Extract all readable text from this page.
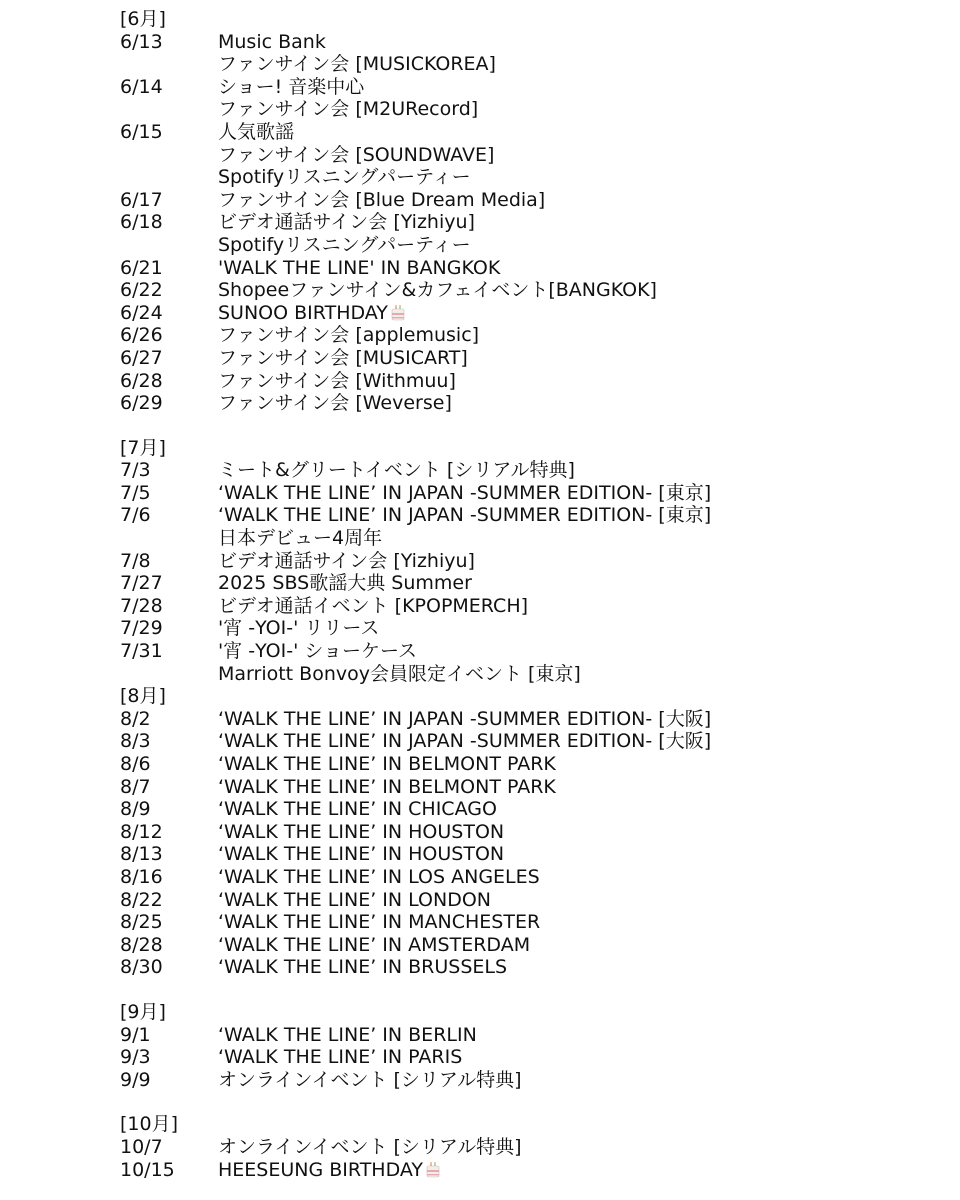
[6月]
6/13	Music Bank
ファンサイン会 [MUSICKOREA]
6/14	ショー! 音楽中心
ファンサイン会 [M2URecord]
6/15	人気歌謡
ファンサイン会 [SOUNDWAVE]
Spotifyリスニングパーティー
6/17	ファンサイン会 [Blue Dream Media]
6/18	ビデオ通話サイン会 [Yizhiyu]
Spotifyリスニングパーティー
6/21	'WALK THE LINE' IN BANGKOK
6/22	Shopeeファンサイン&カフェイベント[BANGKOK]
6/24	SUNOO BIRTHDAY
6/26	ファンサイン会 [applemusic]
6/27	ファンサイン会 [MUSICART]
6/28	ファンサイン会 [Withmuu]
6/29	ファンサイン会 [Weverse]
[7月]
7/3	ミート&グリートイベント [シリアル特典]
7/5	‘WALK THE LINE’ IN JAPAN -SUMMER EDITION- [東京]
7/6	‘WALK THE LINE’ IN JAPAN -SUMMER EDITION- [東京]
日本デビュー4周年
7/8	ビデオ通話サイン会 [Yizhiyu]
7/27	2025 SBS歌謡大典 Summer
7/28	ビデオ通話イベント [KPOPMERCH]
7/29	'宵 -YOI-' リリース
7/31	'宵 -YOI-' ショーケース
Marriott Bonvoy会員限定イベント [東京]
[8月]
8/2	‘WALK THE LINE’ IN JAPAN -SUMMER EDITION- [大阪]
8/3	‘WALK THE LINE’ IN JAPAN -SUMMER EDITION- [大阪]
8/6	‘WALK THE LINE’ IN BELMONT PARK
8/7	‘WALK THE LINE’ IN BELMONT PARK
8/9	‘WALK THE LINE’ IN CHICAGO
8/12	‘WALK THE LINE’ IN HOUSTON
8/13	‘WALK THE LINE’ IN HOUSTON
8/16	‘WALK THE LINE’ IN LOS ANGELES
8/22	‘WALK THE LINE’ IN LONDON
8/25	‘WALK THE LINE’ IN MANCHESTER
8/28	‘WALK THE LINE’ IN AMSTERDAM
8/30	‘WALK THE LINE’ IN BRUSSELS
[9月]
9/1	‘WALK THE LINE’ IN BERLIN
9/3	‘WALK THE LINE’ IN PARIS
9/9	オンラインイベント [シリアル特典]
[10月]
10/7	オンラインイベント [シリアル特典]
10/15 HEESEUNG BIRTHDAY
